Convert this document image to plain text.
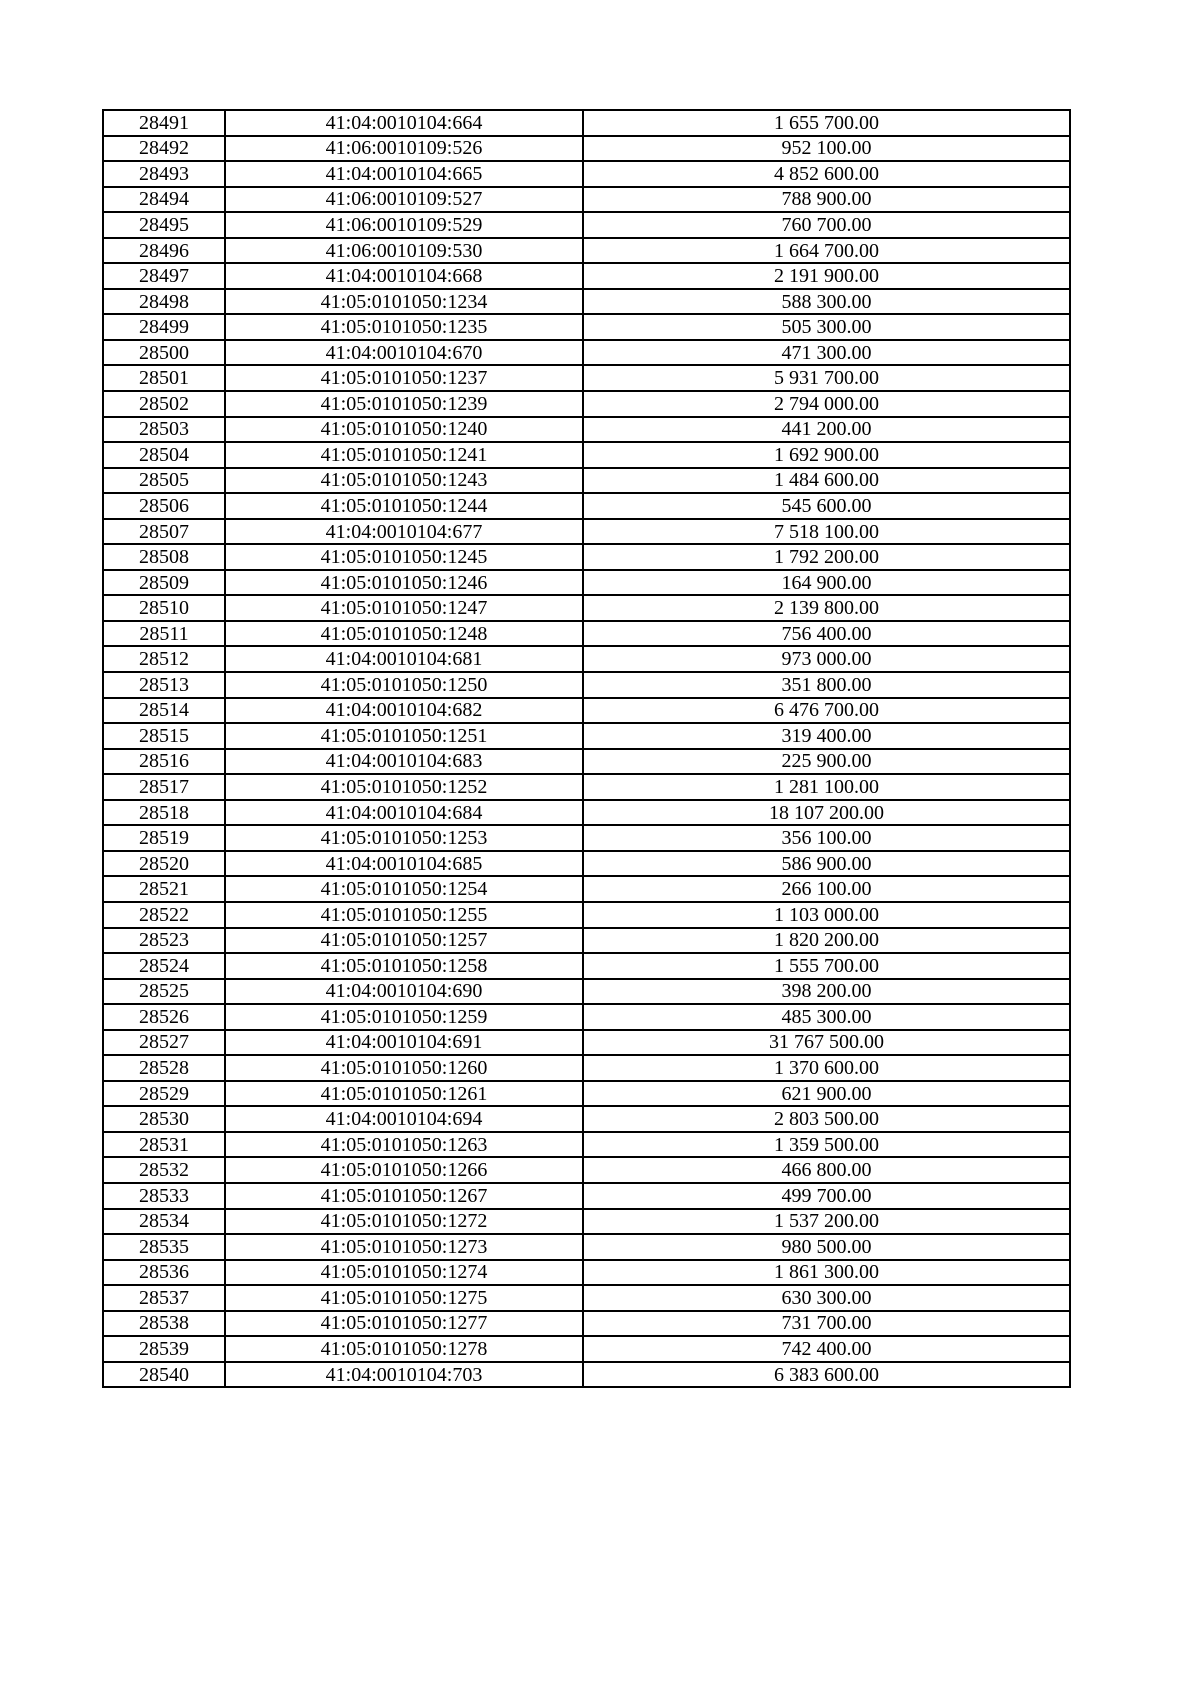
28491	41:04:0010104:664	1 655 700.00
28492	41:06:0010109:526	952 100.00
28493	41:04:0010104:665	4 852 600.00
28494	41:06:0010109:527	788 900.00
28495	41:06:0010109:529	760 700.00
28496	41:06:0010109:530	1 664 700.00
28497	41:04:0010104:668	2 191 900.00
28498	41:05:0101050:1234	588 300.00
28499	41:05:0101050:1235	505 300.00
28500	41:04:0010104:670	471 300.00
28501	41:05:0101050:1237	5 931 700.00
28502	41:05:0101050:1239	2 794 000.00
28503	41:05:0101050:1240	441 200.00
28504	41:05:0101050:1241	1 692 900.00
28505	41:05:0101050:1243	1 484 600.00
28506	41:05:0101050:1244	545 600.00
28507	41:04:0010104:677	7 518 100.00
28508	41:05:0101050:1245	1 792 200.00
28509	41:05:0101050:1246	164 900.00
28510	41:05:0101050:1247	2 139 800.00
28511	41:05:0101050:1248	756 400.00
28512	41:04:0010104:681	973 000.00
28513	41:05:0101050:1250	351 800.00
28514	41:04:0010104:682	6 476 700.00
28515	41:05:0101050:1251	319 400.00
28516	41:04:0010104:683	225 900.00
28517	41:05:0101050:1252	1 281 100.00
28518	41:04:0010104:684	18 107 200.00
28519	41:05:0101050:1253	356 100.00
28520	41:04:0010104:685	586 900.00
28521	41:05:0101050:1254	266 100.00
28522	41:05:0101050:1255	1 103 000.00
28523	41:05:0101050:1257	1 820 200.00
28524	41:05:0101050:1258	1 555 700.00
28525	41:04:0010104:690	398 200.00
28526	41:05:0101050:1259	485 300.00
28527	41:04:0010104:691	31 767 500.00
28528	41:05:0101050:1260	1 370 600.00
28529	41:05:0101050:1261	621 900.00
28530	41:04:0010104:694	2 803 500.00
28531	41:05:0101050:1263	1 359 500.00
28532	41:05:0101050:1266	466 800.00
28533	41:05:0101050:1267	499 700.00
28534	41:05:0101050:1272	1 537 200.00
28535	41:05:0101050:1273	980 500.00
28536	41:05:0101050:1274	1 861 300.00
28537	41:05:0101050:1275	630 300.00
28538	41:05:0101050:1277	731 700.00
28539	41:05:0101050:1278	742 400.00
28540	41:04:0010104:703	6 383 600.00
